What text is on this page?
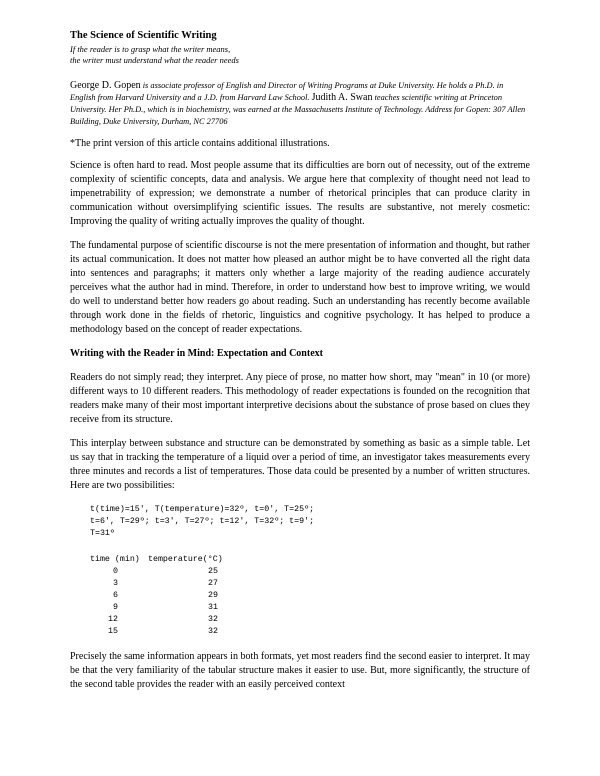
The Science of Scientific Writing
If the reader is to grasp what the writer means,
the writer must understand what the reader needs
George D. Gopen is associate professor of English and Director of Writing Programs at Duke University. He holds a Ph.D. in English from Harvard University and a J.D. from Harvard Law School. Judith A. Swan teaches scientific writing at Princeton University. Her Ph.D., which is in biochemistry, was earned at the Massachusetts Institute of Technology. Address for Gopen: 307 Allen Building, Duke University, Durham, NC 27706
*The print version of this article contains additional illustrations.

Science is often hard to read. Most people assume that its difficulties are born out of necessity, out of the extreme complexity of scientific concepts, data and analysis. We argue here that complexity of thought need not lead to impenetrability of expression; we demonstrate a number of rhetorical principles that can produce clarity in communication without oversimplifying scientific issues. The results are substantive, not merely cosmetic: Improving the quality of writing actually improves the quality of thought.

The fundamental purpose of scientific discourse is not the mere presentation of information and thought, but rather its actual communication. It does not matter how pleased an author might be to have converted all the right data into sentences and paragraphs; it matters only whether a large majority of the reading audience accurately perceives what the author had in mind. Therefore, in order to understand how best to improve writing, we would do well to understand better how readers go about reading. Such an understanding has recently become available through work done in the fields of rhetoric, linguistics and cognitive psychology. It has helped to produce a methodology based on the concept of reader expectations.

Writing with the Reader in Mind: Expectation and Context

Readers do not simply read; they interpret. Any piece of prose, no matter how short, may "mean" in 10 (or more) different ways to 10 different readers. This methodology of reader expectations is founded on the recognition that readers make many of their most important interpretive decisions about the substance of prose based on clues they receive from its structure.

This interplay between substance and structure can be demonstrated by something as basic as a simple table. Let us say that in tracking the temperature of a liquid over a period of time, an investigator takes measurements every three minutes and records a list of temperatures. Those data could be presented by a number of written structures. Here are two possibilities:

t(time)=15', T(temperature)=32º, t=0', T=25º;
t=6', T=29º; t=3', T=27º; t=12', T=32º; t=9';
T=31º
time (min)	temperature(°C)
0	25
3	27
6	29
9	31
12	32
15	32

Precisely the same information appears in both formats, yet most readers find the second easier to interpret. It may be that the very familiarity of the tabular structure makes it easier to use. But, more significantly, the structure of the second table provides the reader with an easily perceived context
